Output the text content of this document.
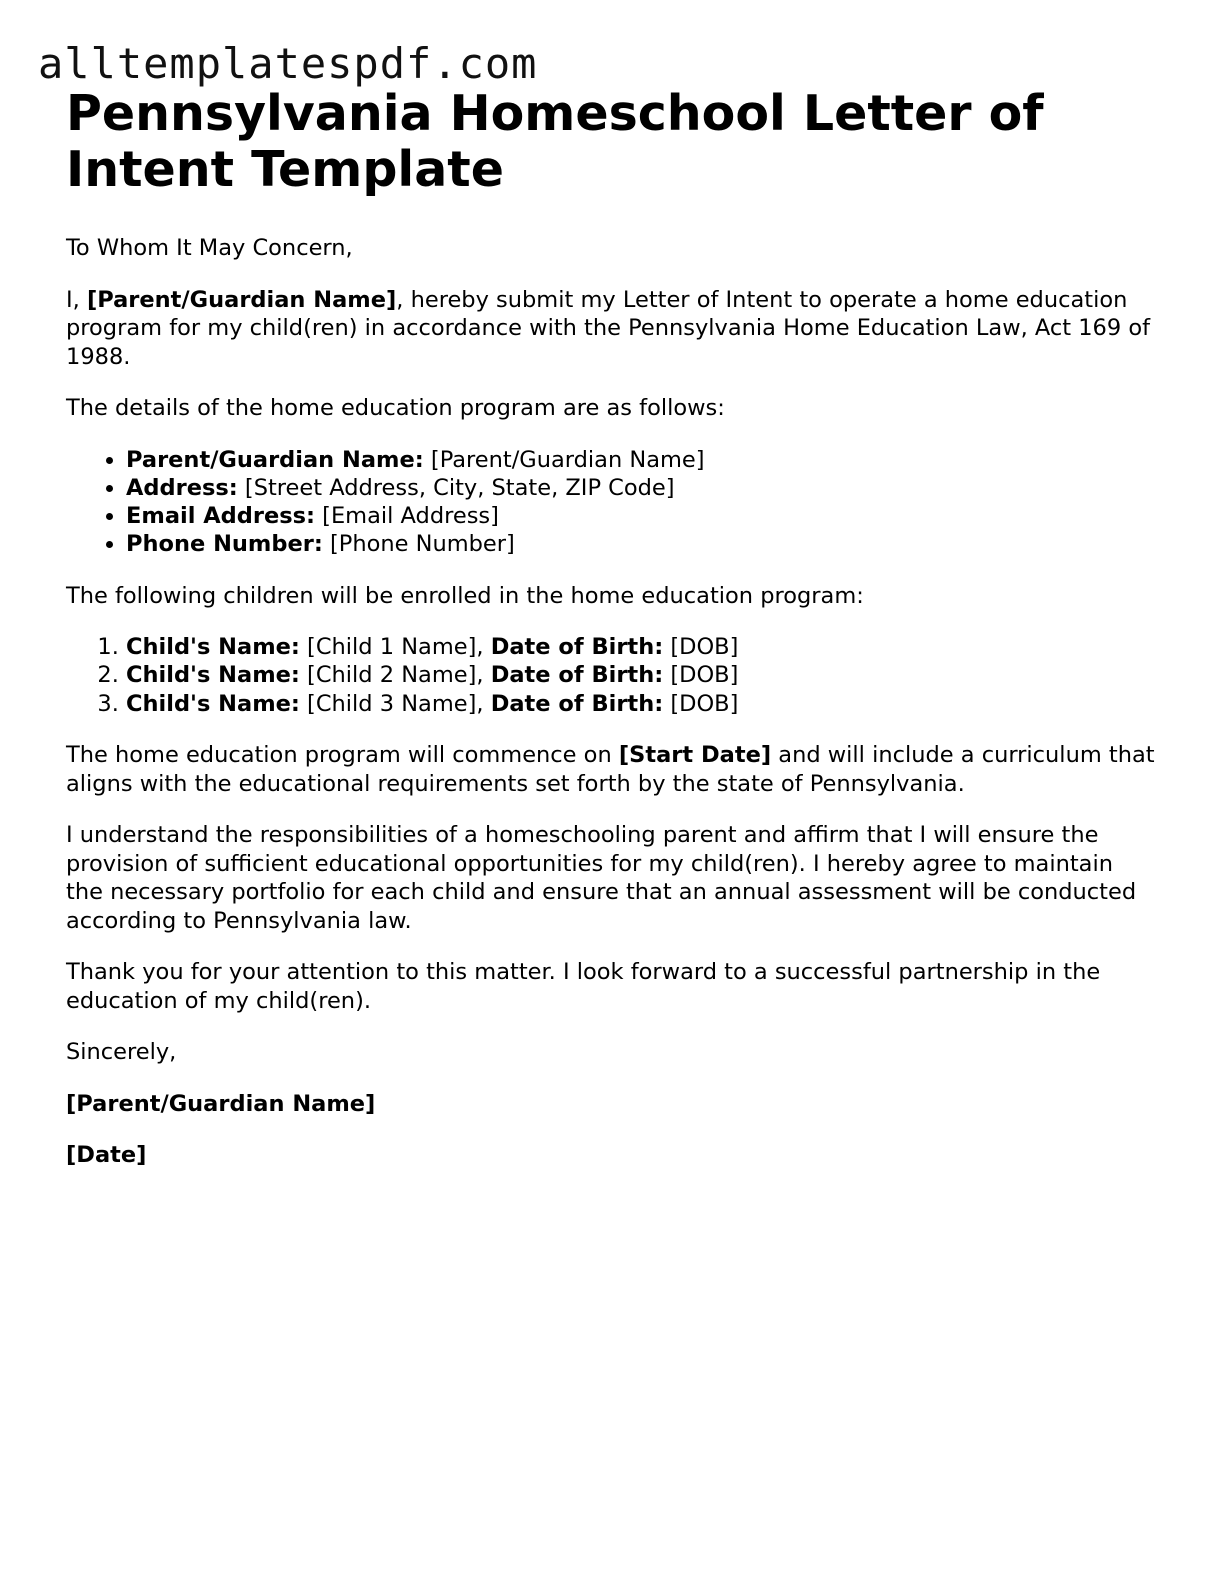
alltemplatespdf.com
Pennsylvania Homeschool Letter of Intent Template

To Whom It May Concern,

I, [Parent/Guardian Name], hereby submit my Letter of Intent to operate a home education program for my child(ren) in accordance with the Pennsylvania Home Education Law, Act 169 of 1988.

The details of the home education program are as follows:

• Parent/Guardian Name: [Parent/Guardian Name]
• Address: [Street Address, City, State, ZIP Code]
• Email Address: [Email Address]
• Phone Number: [Phone Number]

The following children will be enrolled in the home education program:

1. Child's Name: [Child 1 Name], Date of Birth: [DOB]
2. Child's Name: [Child 2 Name], Date of Birth: [DOB]
3. Child's Name: [Child 3 Name], Date of Birth: [DOB]

The home education program will commence on [Start Date] and will include a curriculum that aligns with the educational requirements set forth by the state of Pennsylvania.

I understand the responsibilities of a homeschooling parent and affirm that I will ensure the provision of sufficient educational opportunities for my child(ren). I hereby agree to maintain the necessary portfolio for each child and ensure that an annual assessment will be conducted according to Pennsylvania law.

Thank you for your attention to this matter. I look forward to a successful partnership in the education of my child(ren).

Sincerely,

[Parent/Guardian Name]

[Date]
